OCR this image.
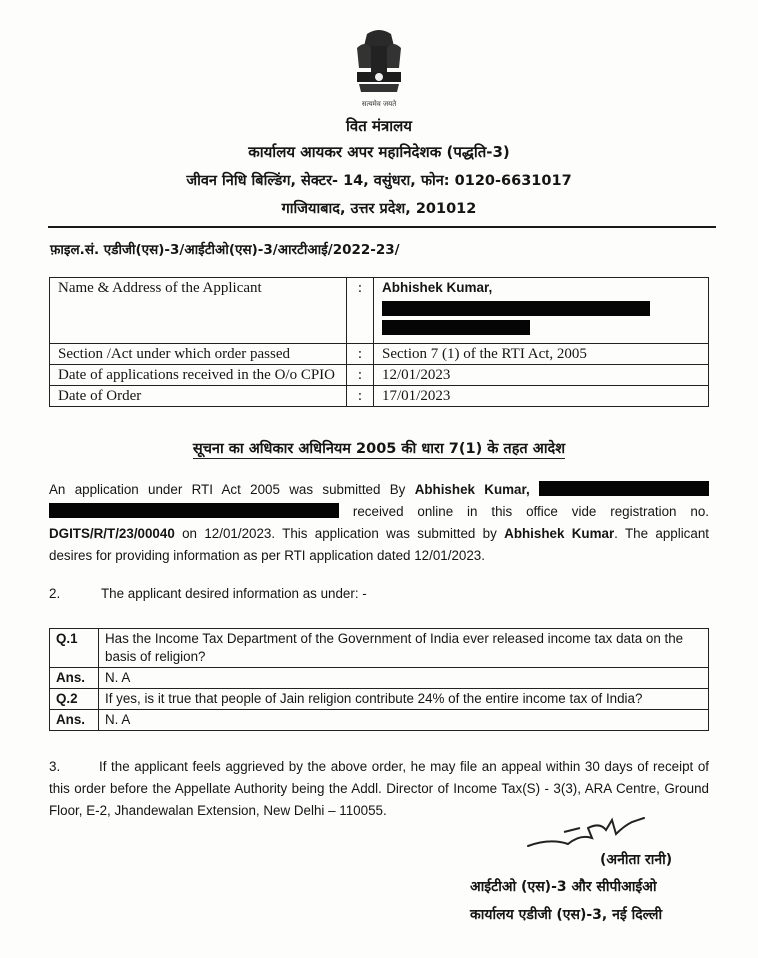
सत्यमेव जयते
वित मंत्रालय
कार्यालय आयकर अपर महानिदेशक (पद्धति-3)
जीवन निधि बिल्डिंग, सेक्टर- 14, वसुंधरा, फोन: 0120-6631017
गाजियाबाद, उत्तर प्रदेश, 201012
फ़ाइल.सं. एडीजी(एस)-3/आईटीओ(एस)-3/आरटीआई/2022-23/
Name & Address of the Applicant	:	Abhishek Kumar,

Section /Act under which order passed	:	Section 7 (1) of the RTI Act, 2005
Date of applications received in the O/o CPIO	:	12/01/2023
Date of Order	:	17/01/2023
सूचना का अधिकार अधिनियम 2005 की धारा 7(1) के तहत आदेश
An application under RTI Act 2005 was submitted By Abhishek Kumar,   received online in this office vide registration no. DGITS/R/T/23/00040 on 12/01/2023. This application was submitted by Abhishek Kumar. The applicant desires for providing information as per RTI application dated 12/01/2023.
2.	The applicant desired information as under: -
Q.1	Has the Income Tax Department of the Government of India ever released income tax data on the basis of religion?
Ans.	N. A
Q.2	If yes, is it true that people of Jain religion contribute 24% of the entire income tax of India?
Ans.	N. A
3.	If the applicant feels aggrieved by the above order, he may file an appeal within 30 days of receipt of this order before the Appellate Authority being the Addl. Director of Income Tax(S) - 3(3), ARA Centre, Ground Floor, E-2, Jhandewalan Extension, New Delhi – 110055.
(अनीता रानी)
आईटीओ (एस)-3 और सीपीआईओ
कार्यालय एडीजी (एस)-3, नई दिल्ली
